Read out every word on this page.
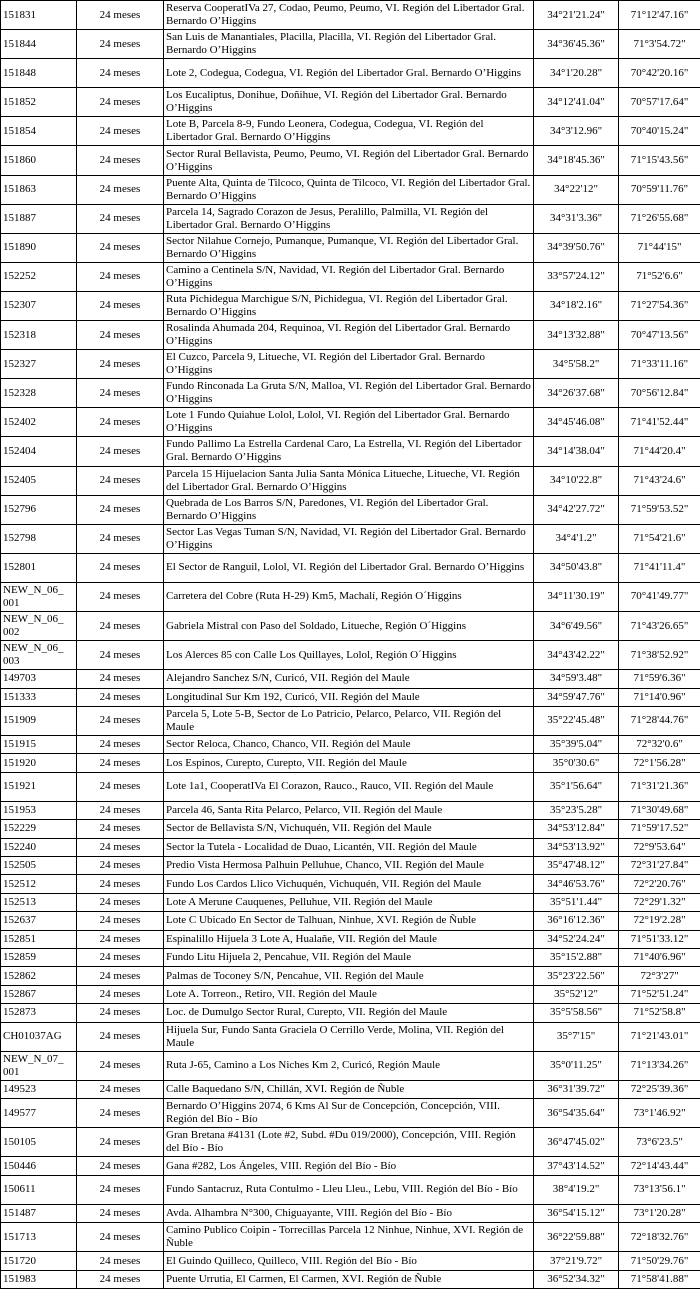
151831	24 meses	Reserva CooperatIVa 27, Codao, Peumo, Peumo, VI. Región del Libertador Gral. Bernardo O’Higgins	34°21'21.24"	71°12'47.16"
151844	24 meses	San Luis de Manantiales, Placilla, Placilla, VI. Región del Libertador Gral. Bernardo O’Higgins	34°36'45.36"	71°3'54.72"
151848	24 meses	Lote 2, Codegua, Codegua, VI. Región del Libertador Gral. Bernardo O’Higgins	34°1'20.28"	70°42'20.16"
151852	24 meses	Los Eucaliptus, Donihue, Doñihue, VI. Región del Libertador Gral. Bernardo O’Higgins	34°12'41.04"	70°57'17.64"
151854	24 meses	Lote B, Parcela 8-9, Fundo Leonera, Codegua, Codegua, VI. Región del Libertador Gral. Bernardo O’Higgins	34°3'12.96"	70°40'15.24"
151860	24 meses	Sector Rural Bellavista, Peumo, Peumo, VI. Región del Libertador Gral. Bernardo O’Higgins	34°18'45.36"	71°15'43.56"
151863	24 meses	Puente Alta, Quinta de Tilcoco, Quinta de Tilcoco, VI. Región del Libertador Gral. Bernardo O’Higgins	34°22'12"	70°59'11.76"
151887	24 meses	Parcela 14, Sagrado Corazon de Jesus, Peralillo, Palmilla, VI. Región del Libertador Gral. Bernardo O’Higgins	34°31'3.36"	71°26'55.68"
151890	24 meses	Sector Nilahue Cornejo, Pumanque, Pumanque, VI. Región del Libertador Gral. Bernardo O’Higgins	34°39'50.76"	71°44'15"
152252	24 meses	Camino a Centinela S/N, Navidad, VI. Región del Libertador Gral. Bernardo O’Higgins	33°57'24.12"	71°52'6.6"
152307	24 meses	Ruta Pichidegua Marchigue S/N, Pichidegua, VI. Región del Libertador Gral. Bernardo O’Higgins	34°18'2.16"	71°27'54.36"
152318	24 meses	Rosalinda Ahumada 204, Requinoa, VI. Región del Libertador Gral. Bernardo O’Higgins	34°13'32.88"	70°47'13.56"
152327	24 meses	El Cuzco, Parcela 9, Litueche, VI. Región del Libertador Gral. Bernardo O’Higgins	34°5'58.2"	71°33'11.16"
152328	24 meses	Fundo Rinconada La Gruta S/N, Malloa, VI. Región del Libertador Gral. Bernardo O’Higgins	34°26'37.68"	70°56'12.84"
152402	24 meses	Lote 1 Fundo Quiahue Lolol, Lolol, VI. Región del Libertador Gral. Bernardo O’Higgins	34°45'46.08"	71°41'52.44"
152404	24 meses	Fundo Pallimo La Estrella Cardenal Caro, La Estrella, VI. Región del Libertador Gral. Bernardo O’Higgins	34°14'38.04"	71°44'20.4"
152405	24 meses	Parcela 15 Hijuelacion Santa Julia Santa Mónica Litueche, Litueche, VI. Región del Libertador Gral. Bernardo O’Higgins	34°10'22.8"	71°43'24.6"
152796	24 meses	Quebrada de Los Barros S/N, Paredones, VI. Región del Libertador Gral. Bernardo O’Higgins	34°42'27.72"	71°59'53.52"
152798	24 meses	Sector Las Vegas Tuman S/N, Navidad, VI. Región del Libertador Gral. Bernardo O’Higgins	34°4'1.2"	71°54'21.6"
152801	24 meses	El Sector de Ranguil, Lolol, VI. Región del Libertador Gral. Bernardo O’Higgins	34°50'43.8"	71°41'11.4"
NEW_N_06_ 001	24 meses	Carretera del Cobre (Ruta H-29) Km5, Machalí, Región O´Higgins	34°11'30.19"	70°41'49.77"
NEW_N_06_ 002	24 meses	Gabriela Mistral con Paso del Soldado, Litueche, Región O´Higgins	34°6'49.56"	71°43'26.65"
NEW_N_06_ 003	24 meses	Los Alerces 85 con Calle Los Quillayes, Lolol, Región O´Higgins	34°43'42.22"	71°38'52.92"
149703	24 meses	Alejandro Sanchez S/N, Curicó, VII. Región del Maule	34°59'3.48"	71°59'6.36"
151333	24 meses	Longitudinal Sur Km 192, Curicó, VII. Región del Maule	34°59'47.76"	71°14'0.96"
151909	24 meses	Parcela 5, Lote 5-B, Sector de Lo Patricio, Pelarco, Pelarco, VII. Región del Maule	35°22'45.48"	71°28'44.76"
151915	24 meses	Sector Reloca, Chanco, Chanco, VII. Región del Maule	35°39'5.04"	72°32'0.6"
151920	24 meses	Los Espinos, Curepto, Curepto, VII. Región del Maule	35°0'30.6"	72°1'56.28"
151921	24 meses	Lote 1a1, CooperatIVa El Corazon, Rauco., Rauco, VII. Región del Maule	35°1'56.64"	71°31'21.36"
151953	24 meses	Parcela 46, Santa Rita Pelarco, Pelarco, VII. Región del Maule	35°23'5.28"	71°30'49.68"
152229	24 meses	Sector de Bellavista S/N, Vichuquén, VII. Región del Maule	34°53'12.84"	71°59'17.52"
152240	24 meses	Sector la Tutela - Localidad de Duao, Licantén, VII. Región del Maule	34°53'13.92"	72°9'53.64"
152505	24 meses	Predio Vista Hermosa Palhuin Pelluhue, Chanco, VII. Región del Maule	35°47'48.12"	72°31'27.84"
152512	24 meses	Fundo Los Cardos Llico Vichuquén, Vichuquén, VII. Región del Maule	34°46'53.76"	72°2'20.76"
152513	24 meses	Lote A Merune Cauquenes, Pelluhue, VII. Región del Maule	35°51'1.44"	72°29'1.32"
152637	24 meses	Lote C Ubicado En Sector de Talhuan, Ninhue, XVI. Región de Ñuble	36°16'12.36"	72°19'2.28"
152851	24 meses	Espinalillo Hijuela 3 Lote A, Hualañe, VII. Región del Maule	34°52'24.24"	71°51'33.12"
152859	24 meses	Fundo Litu Hijuela 2, Pencahue, VII. Región del Maule	35°15'2.88"	71°40'6.96"
152862	24 meses	Palmas de Toconey S/N, Pencahue, VII. Región del Maule	35°23'22.56"	72°3'27"
152867	24 meses	Lote A. Torreon., Retiro, VII. Región del Maule	35°52'12"	71°52'51.24"
152873	24 meses	Loc. de Dumulgo Sector Rural, Curepto, VII. Región del Maule	35°5'58.56"	71°52'58.8"
CH01037AG	24 meses	Hijuela Sur, Fundo Santa Graciela O Cerrillo Verde, Molina, VII. Región del Maule	35°7'15"	71°21'43.01"
NEW_N_07_ 001	24 meses	Ruta J-65, Camino a Los Niches Km 2, Curicó, Región Maule	35°0'11.25"	71°13'34.26"
149523	24 meses	Calle Baquedano S/N, Chillán, XVI. Región de Ñuble	36°31'39.72"	72°25'39.36"
149577	24 meses	Bernardo O’Higgins 2074, 6 Kms Al Sur de Concepción, Concepción, VIII. Región del Bío - Bío	36°54'35.64"	73°1'46.92"
150105	24 meses	Gran Bretana #4131 (Lote #2, Subd. #Du 019/2000), Concepción, VIII. Región del Bío - Bío	36°47'45.02"	73°6'23.5"
150446	24 meses	Gana #282, Los Ángeles, VIII. Región del Bío - Bío	37°43'14.52"	72°14'43.44"
150611	24 meses	Fundo Santacruz, Ruta Contulmo - Lleu Lleu., Lebu, VIII. Región del Bío - Bío	38°4'19.2"	73°13'56.1"
151487	24 meses	Avda. Alhambra N°300, Chiguayante, VIII. Región del Bío - Bío	36°54'15.12"	73°1'20.28"
151713	24 meses	Camino Publico Coipin - Torrecillas Parcela 12 Ninhue, Ninhue, XVI. Región de Ñuble	36°22'59.88"	72°18'32.76"
151720	24 meses	El Guindo Quilleco, Quilleco, VIII. Región del Bío - Bío	37°21'9.72"	71°50'29.76"
151983	24 meses	Puente Urrutia, El Carmen, El Carmen, XVI. Región de Ñuble	36°52'34.32"	71°58'41.88"
